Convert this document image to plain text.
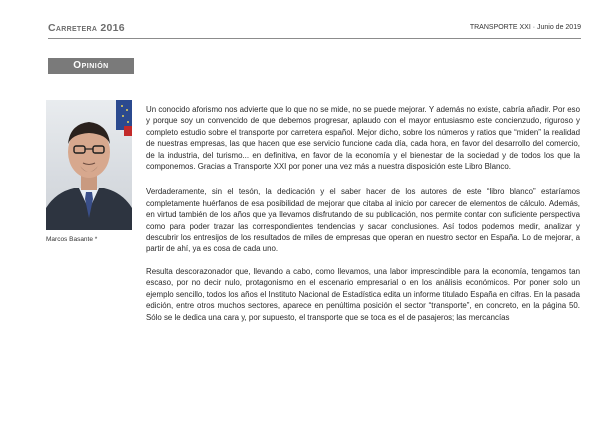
Carretera 2016	TRANSPORTE XXI · Junio de 2019
Opinión
Marcos Basante *

Un conocido aforismo nos advierte que lo que no se mide, no se puede mejorar. Y además no existe, cabría añadir. Por eso y porque soy un convencido de que debemos progresar, aplaudo con el mayor entusiasmo este concienzudo, riguroso y completo estudio sobre el transporte por carretera español. Mejor dicho, sobre los números y ratios que “miden” la realidad de nuestras empresas, las que hacen que ese servicio funcione cada día, cada hora, en favor del desarrollo del comercio, de la industria, del turismo... en definitiva, en favor de la economía y el bienestar de la sociedad y de todos los que la componemos. Gracias a Transporte XXI por poner una vez más a nuestra disposición este Libro Blanco.

Verdaderamente, sin el tesón, la dedicación y el saber hacer de los autores de este “libro blanco” estaríamos completamente huérfanos de esa posibilidad de mejorar que citaba al inicio por carecer de elementos de cálculo. Además, en virtud también de los años que ya llevamos disfrutando de su publicación, nos permite contar con suficiente perspectiva como para poder trazar las correspondientes tendencias y sacar conclusiones. Así todos podemos medir, analizar y descubrir los entresijos de los resultados de miles de empresas que operan en nuestro sector en España. Lo de mejorar, a partir de ahí, ya es cosa de cada uno.

Resulta descorazonador que, llevando a cabo, como llevamos, una labor imprescindible para la economía, tengamos tan escaso, por no decir nulo, protagonismo en el escenario empresarial o en los análisis económicos. Por poner solo un ejemplo sencillo, todos los años el Instituto Nacional de Estadística edita un informe titulado España en cifras. En la pasada edición, entre otros muchos sectores, aparece en penúltima posición el sector “transporte”, en concreto, en la página 50. Sólo se le dedica una cara y, por supuesto, el transporte que se toca es el de pasajeros; las mercancías
